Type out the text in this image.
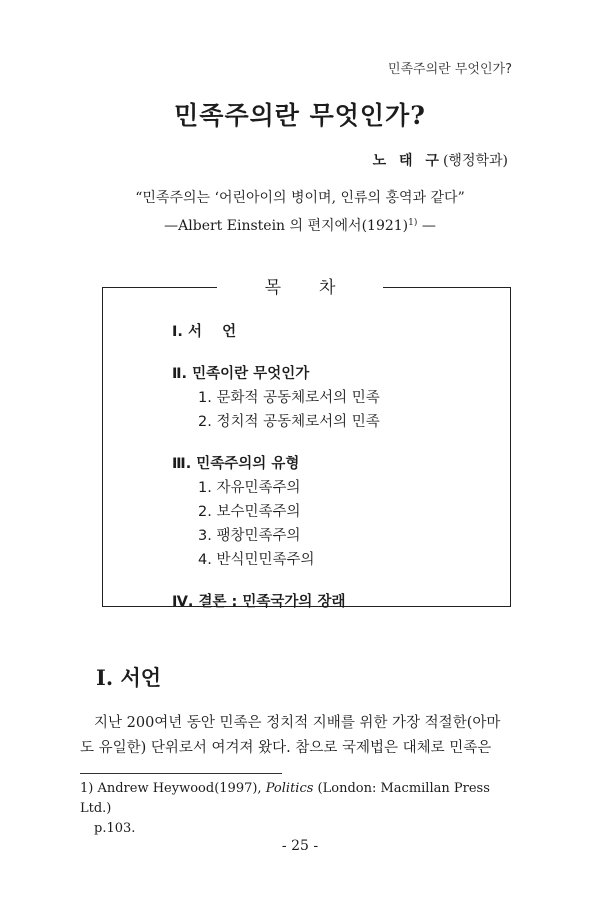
민족주의란 무엇인가?
민족주의란 무엇인가?
노 태 구(행정학과)
“민족주의는 ‘어린아이의 병이며, 인류의 홍역과 같다”
—Albert Einstein 의 편지에서$(1921)^{1)}$ —
목차
Ⅰ. 서    언
Ⅱ. 민족이란 무엇인가
1. 문화적 공동체로서의 민족
2. 정치적 공동체로서의 민족
Ⅲ. 민족주의의 유형
1. 자유민족주의
2. 보수민족주의
3. 팽창민족주의
4. 반식민민족주의
Ⅳ. 결론 : 민족국가의 장래
Ⅰ. 서언

지난 200여년 동안 민족은 정치적 지배를 위한 가장 적절한(아마

도 유일한) 단위로서 여겨져 왔다. 참으로 국제법은 대체로 민족은
1) Andrew Heywood(1997), Politics (London: Macmillan Press Ltd.)
p.103.
- 25 -
